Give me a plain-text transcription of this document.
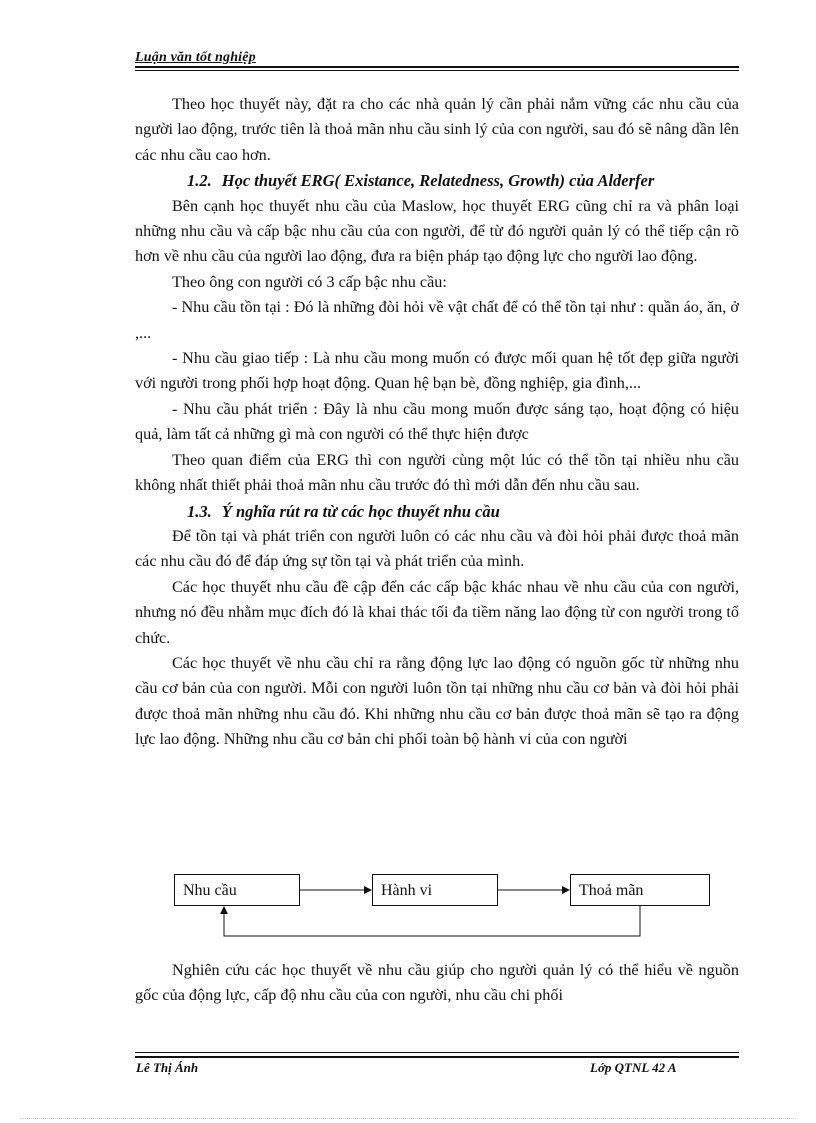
Luận văn tốt nghiệp

Theo học thuyết này, đặt ra cho các nhà quản lý cần phải nắm vững các nhu cầu của người lao động, trước tiên là thoả mãn nhu cầu sinh lý của con người, sau đó sẽ nâng dần lên các nhu cầu cao hơn.

1.2. Học thuyết ERG( Existance, Relatedness, Growth) của Alderfer

Bên cạnh học thuyết nhu cầu của Maslow, học thuyết ERG cũng chỉ ra và phân loại những nhu cầu và cấp bậc nhu cầu của con người, để từ đó người quản lý có thể tiếp cận rõ hơn về nhu cầu của người lao động, đưa ra biện pháp tạo động lực cho người lao động.

Theo ông con người có 3 cấp bậc nhu cầu:

- Nhu cầu tồn tại : Đó là những đòi hỏi về vật chất để có thể tồn tại như : quần áo, ăn, ở ,...

- Nhu cầu giao tiếp : Là nhu cầu mong muốn có được mối quan hệ tốt đẹp giữa người với người trong phối hợp hoạt động. Quan hệ bạn bè, đồng nghiệp, gia đình,...

- Nhu cầu phát triển : Đây là nhu cầu mong muốn được sáng tạo, hoạt động có hiệu quả, làm tất cả những gì mà con người có thể thực hiện được

Theo quan điểm của ERG thì con người cùng một lúc có thể tồn tại nhiều nhu cầu không nhất thiết phải thoả mãn nhu cầu trước đó thì mới dẫn đến nhu cầu sau.

1.3. Ý nghĩa rút ra từ các học thuyết nhu cầu

Để tồn tại và phát triển con người luôn có các nhu cầu và đòi hỏi phải được thoả mãn các nhu cầu đó để đáp ứng sự tồn tại và phát triển của mình.

Các học thuyết nhu cầu đề cập đến các cấp bậc khác nhau về nhu cầu của con người, nhưng nó đều nhằm mục đích đó là khai thác tối đa tiềm năng lao động từ con người trong tổ chức.

Các học thuyết về nhu cầu chỉ ra rằng động lực lao động có nguồn gốc từ những nhu cầu cơ bản của con người. Mỗi con người luôn tồn tại những nhu cầu cơ bản và đòi hỏi phải được thoả mãn những nhu cầu đó. Khi những nhu cầu cơ bản được thoả mãn sẽ tạo ra động lực lao động. Những nhu cầu cơ bản chi phối toàn bộ hành vi của con người

Nhu cầu	Hành vi	Thoả mãn

Nghiên cứu các học thuyết về nhu cầu giúp cho người quản lý có thể hiểu về nguồn gốc của động lực, cấp độ nhu cầu của con người, nhu cầu chi phối

Lê Thị Ánh	Lớp QTNL 42 A
